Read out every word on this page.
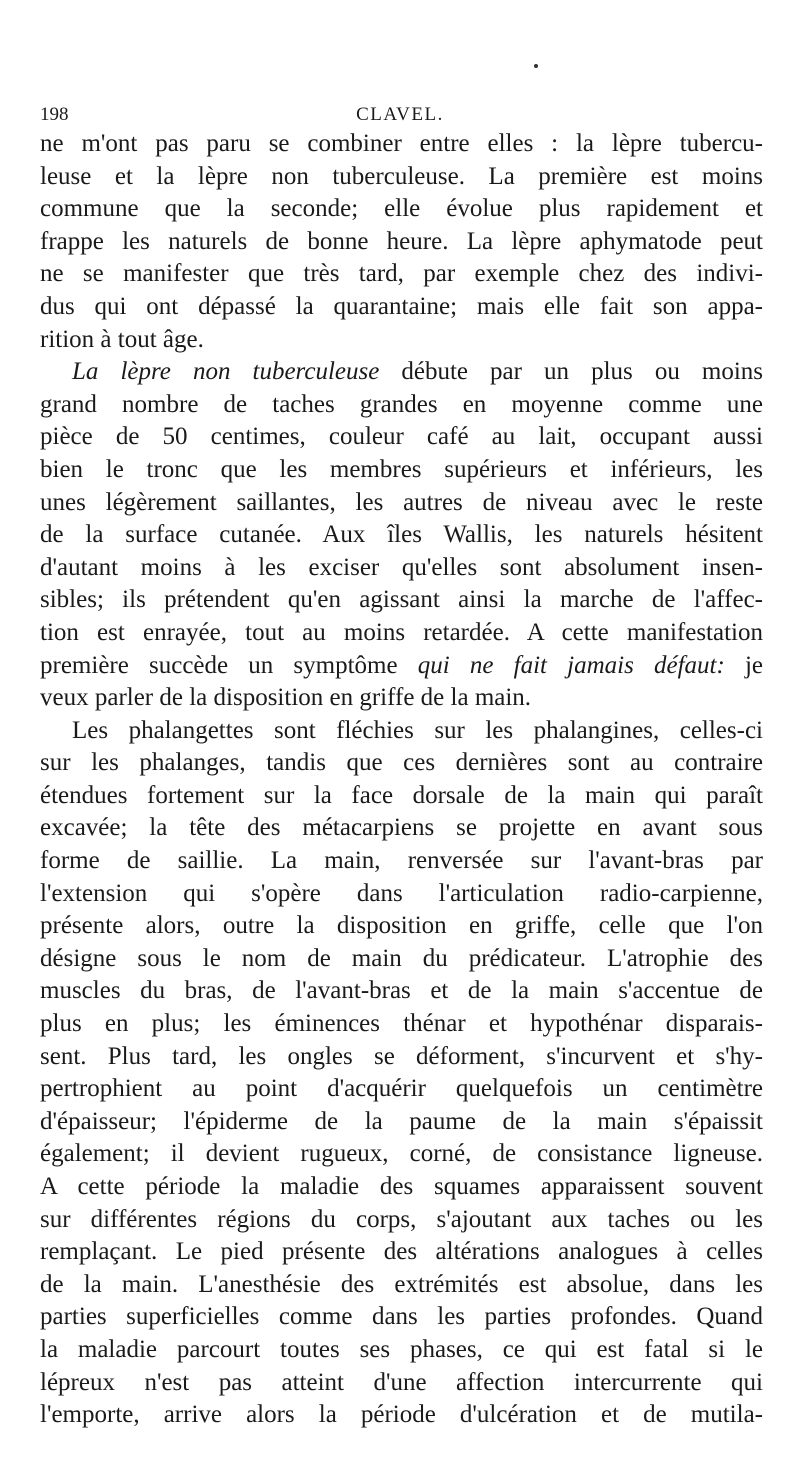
198	CLAVEL.
ne m'ont pas paru se combiner entre elles : la lèpre tubercu-
leuse et la lèpre non tuberculeuse. La première est moins
commune que la seconde; elle évolue plus rapidement et
frappe les naturels de bonne heure. La lèpre aphymatode peut
ne se manifester que très tard, par exemple chez des indivi-
dus qui ont dépassé la quarantaine; mais elle fait son appa-
rition à tout âge.
La lèpre non tuberculeuse débute par un plus ou moins
grand nombre de taches grandes en moyenne comme une
pièce de 50 centimes, couleur café au lait, occupant aussi
bien le tronc que les membres supérieurs et inférieurs, les
unes légèrement saillantes, les autres de niveau avec le reste
de la surface cutanée. Aux îles Wallis, les naturels hésitent
d'autant moins à les exciser qu'elles sont absolument insen-
sibles; ils prétendent qu'en agissant ainsi la marche de l'affec-
tion est enrayée, tout au moins retardée. A cette manifestation
première succède un symptôme qui ne fait jamais défaut: je
veux parler de la disposition en griffe de la main.
Les phalangettes sont fléchies sur les phalangines, celles-ci
sur les phalanges, tandis que ces dernières sont au contraire
étendues fortement sur la face dorsale de la main qui paraît
excavée; la tête des métacarpiens se projette en avant sous
forme de saillie. La main, renversée sur l'avant-bras par
l'extension qui s'opère dans l'articulation radio-carpienne,
présente alors, outre la disposition en griffe, celle que l'on
désigne sous le nom de main du prédicateur. L'atrophie des
muscles du bras, de l'avant-bras et de la main s'accentue de
plus en plus; les éminences thénar et hypothénar disparais-
sent. Plus tard, les ongles se déforment, s'incurvent et s'hy-
pertrophient au point d'acquérir quelquefois un centimètre
d'épaisseur; l'épiderme de la paume de la main s'épaissit
également; il devient rugueux, corné, de consistance ligneuse.
A cette période la maladie des squames apparaissent souvent
sur différentes régions du corps, s'ajoutant aux taches ou les
remplaçant. Le pied présente des altérations analogues à celles
de la main. L'anesthésie des extrémités est absolue, dans les
parties superficielles comme dans les parties profondes. Quand
la maladie parcourt toutes ses phases, ce qui est fatal si le
lépreux n'est pas atteint d'une affection intercurrente qui
l'emporte, arrive alors la période d'ulcération et de mutila-
